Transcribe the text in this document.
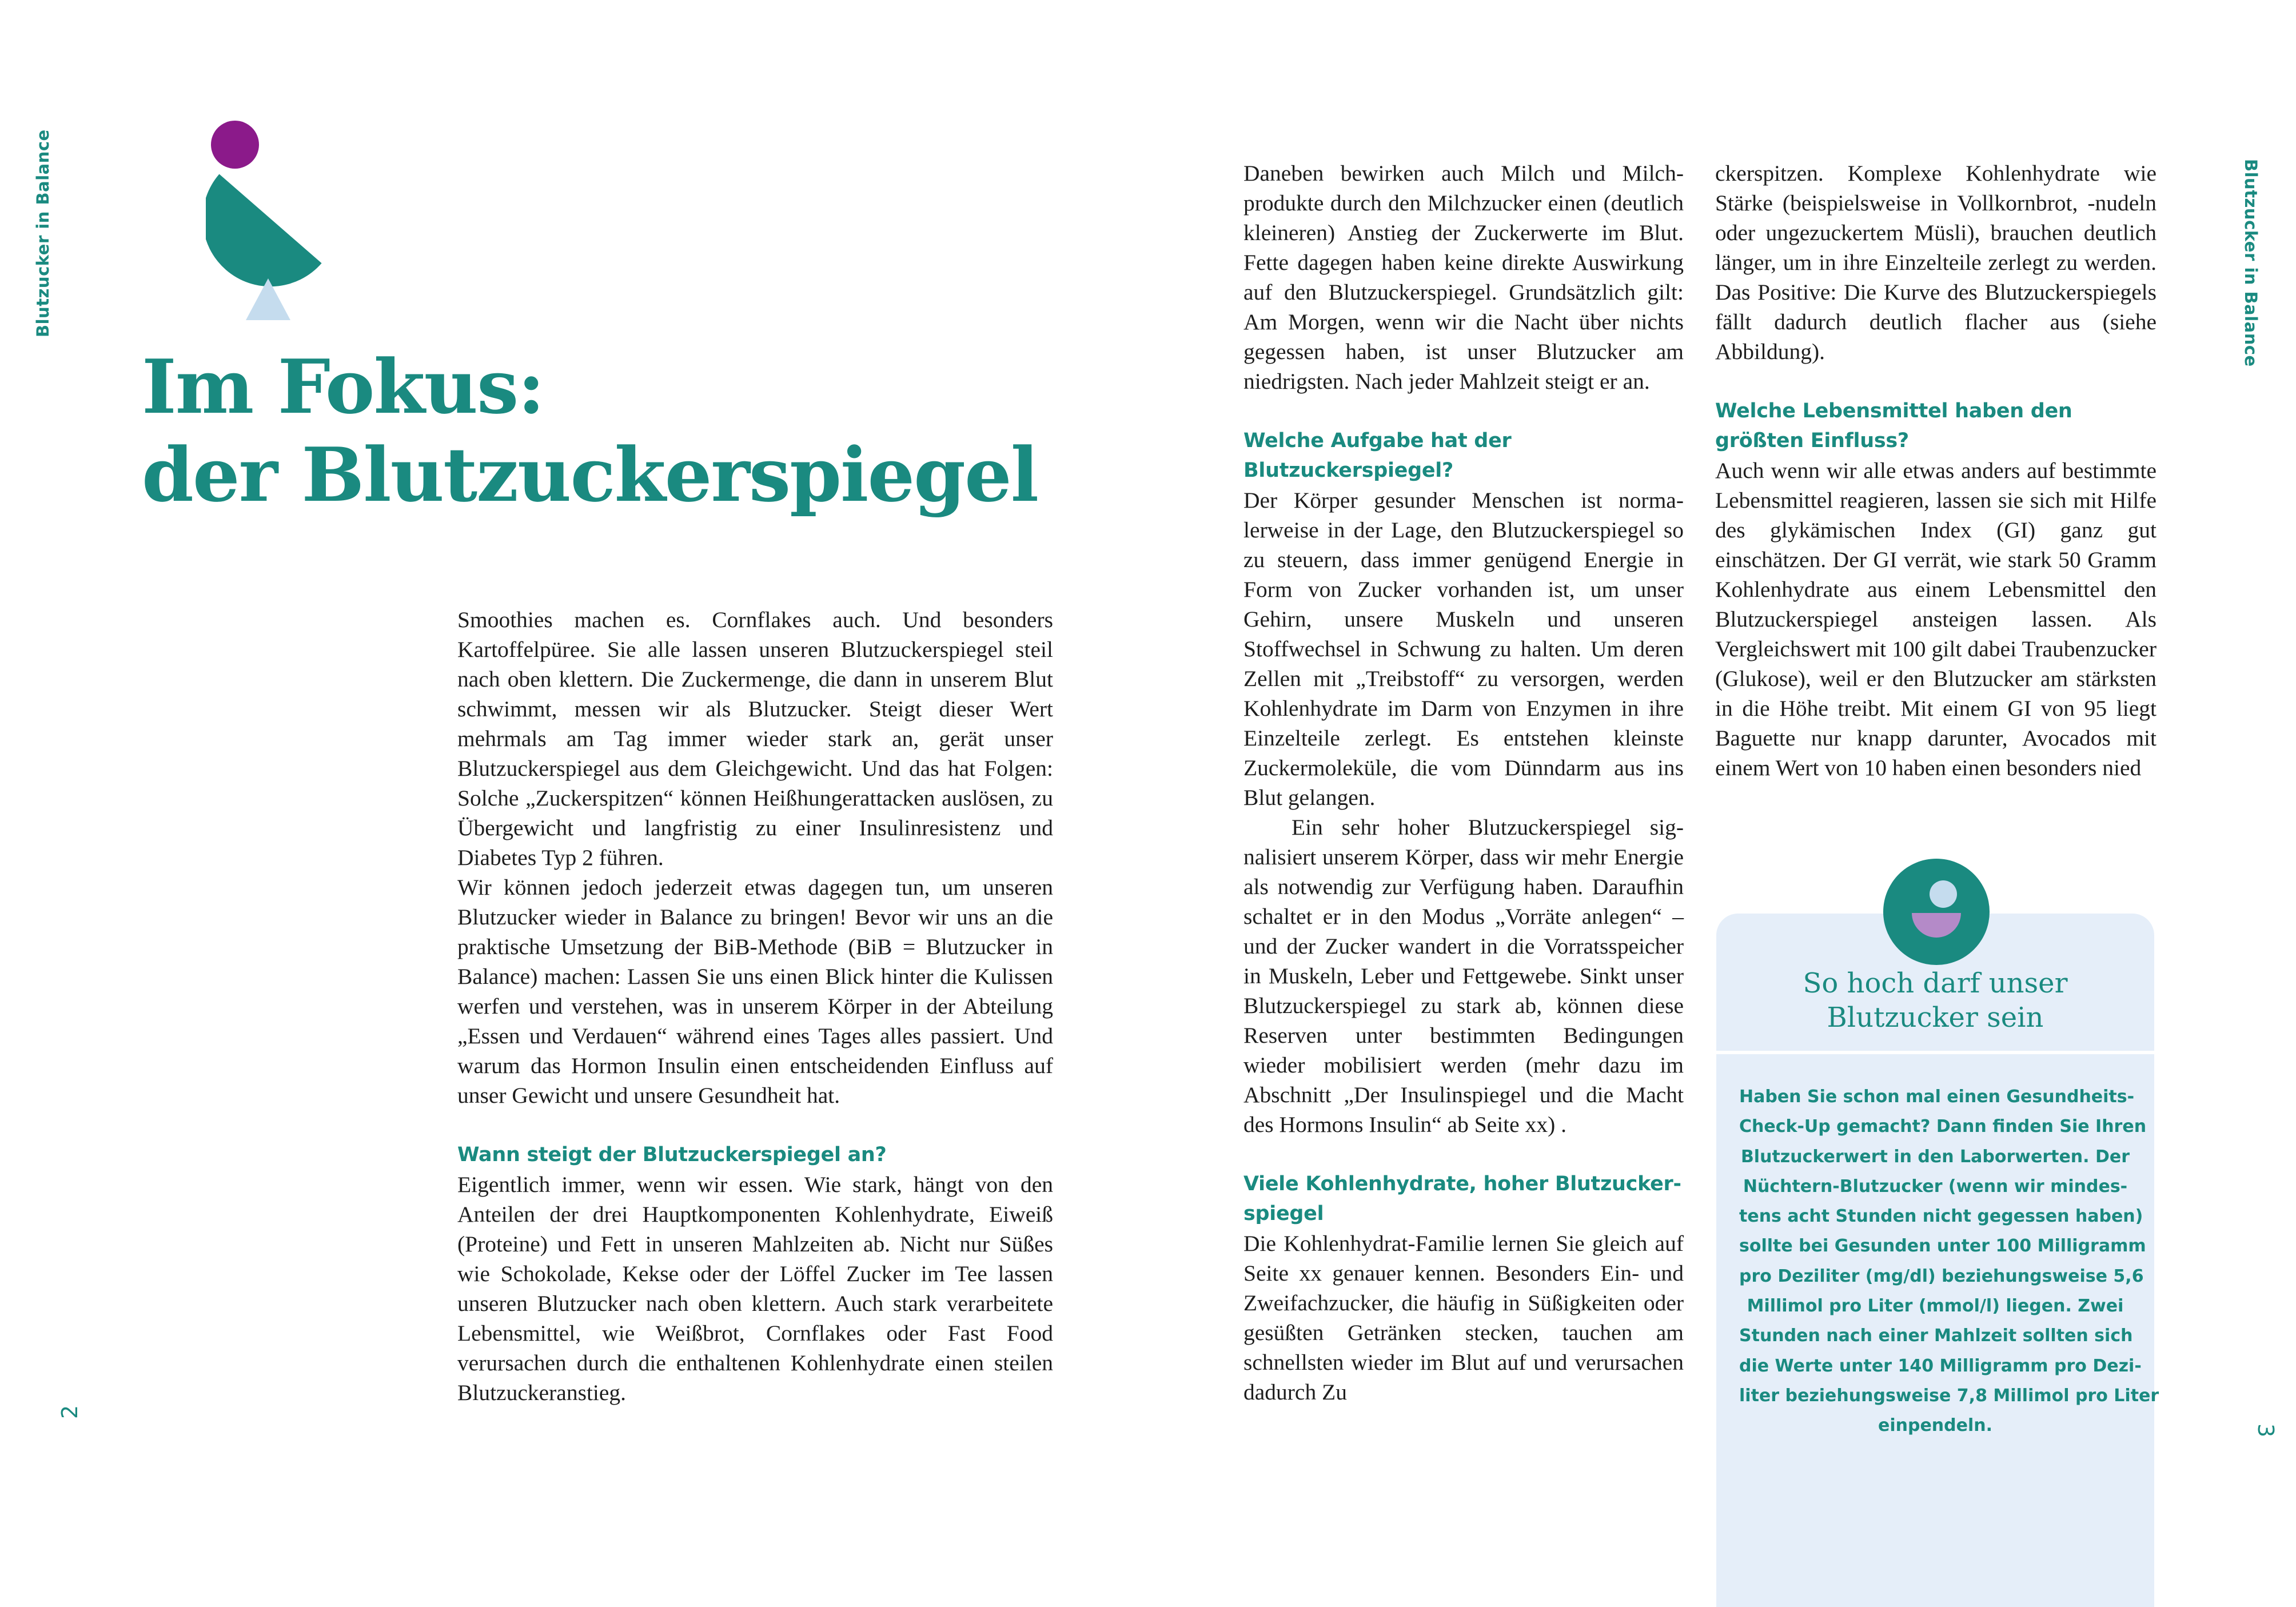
Blutzucker in Balance	Blutzucker in Balance
2
3
Im Fokus:
der Blutzuckerspiegel

Smoothies machen es. Cornflakes auch. Und besonders Kartoffelpüree. Sie alle lassen unseren Blutzuckerspiegel steil nach oben klettern. Die Zuckermenge, die dann in unserem Blut schwimmt, messen wir als Blutzucker. Steigt dieser Wert mehrmals am Tag immer wieder stark an, gerät unser Blutzuckerspiegel aus dem Gleichgewicht. Und das hat Folgen: Solche „Zuckerspitzen“ können Heißhungerattacken auslösen, zu Übergewicht und langfristig zu einer Insulinresistenz und Diabetes Typ 2 führen.

Wir können jedoch jederzeit etwas dagegen tun, um unseren Blutzucker wieder in Balance zu bringen! Bevor wir uns an die praktische Umsetzung der BiB-Methode (BiB = Blutzucker in Balance) machen: Lassen Sie uns einen Blick hinter die Kulissen werfen und verstehen, was in unserem Körper in der Abteilung „Essen und Verdauen“ während eines Tages alles passiert. Und warum das Hormon Insulin einen entscheidenden Einfluss auf unser Gewicht und unsere Gesundheit hat.

Wann steigt der Blutzuckerspiegel an?

Eigentlich immer, wenn wir essen. Wie stark, hängt von den Anteilen der drei Hauptkomponenten Kohlenhydrate, Eiweiß (Proteine) und Fett in unseren Mahlzeiten ab. Nicht nur Süßes wie Schokolade, Kekse oder der Löffel Zucker im Tee lassen unseren Blutzucker nach oben klettern. Auch stark verarbeitete Lebensmittel, wie Weißbrot, Cornflakes oder Fast Food verursachen durch die enthaltenen Kohlenhydrate einen steilen Blutzuckeranstieg.

Daneben bewirken auch Milch und Milchprodukte durch den Milchzucker einen (deutlich kleineren) Anstieg der Zuckerwerte im Blut. Fette dagegen haben keine direkte Auswirkung auf den Blutzuckerspiegel. Grundsätzlich gilt: Am Morgen, wenn wir die Nacht über nichts gegessen haben, ist unser Blutzucker am niedrigsten. Nach jeder Mahlzeit steigt er an.

Welche Aufgabe hat der Blutzuckerspiegel?

Der Körper gesunder Menschen ist normalerweise in der Lage, den Blutzuckerspiegel so zu steuern, dass immer genügend Energie in Form von Zucker vorhanden ist, um unser Gehirn, unsere Muskeln und unseren Stoffwechsel in Schwung zu halten. Um deren Zellen mit „Treibstoff“ zu versorgen, werden Kohlenhydrate im Darm von Enzymen in ihre Einzelteile zerlegt. Es entstehen kleinste Zuckermoleküle, die vom Dünndarm aus ins Blut gelangen.

Ein sehr hoher Blutzuckerspiegel signalisiert unserem Körper, dass wir mehr Energie als notwendig zur Verfügung haben. Daraufhin schaltet er in den Modus „Vorräte anlegen“ – und der Zucker wandert in die Vorratsspeicher in Muskeln, Leber und Fettgewebe. Sinkt unser Blutzuckerspiegel zu stark ab, können diese Reserven unter bestimmten Bedingungen wieder mobilisiert werden (mehr dazu im Abschnitt „Der Insulinspiegel und die Macht des Hormons Insulin“ ab Seite xx) .

Viele Kohlenhydrate, hoher Blutzuckerspiegel

Die Kohlenhydrat-Familie lernen Sie gleich auf Seite xx genauer kennen. Besonders Ein- und Zweifachzucker, die häufig in Süßigkeiten oder gesüßten Getränken stecken, tauchen am schnellsten wieder im Blut auf und verursachen dadurch Zu

ckerspitzen. Komplexe Kohlenhydrate wie Stärke (beispielsweise in Vollkornbrot, -nudeln oder ungezuckertem Müsli), brauchen deutlich länger, um in ihre Einzelteile zerlegt zu werden. Das Positive: Die Kurve des Blutzuckerspiegels fällt dadurch deutlich flacher aus (siehe Abbildung).

Welche Lebensmittel haben den größten Einfluss?

Auch wenn wir alle etwas anders auf bestimmte Lebensmittel reagieren, lassen sie sich mit Hilfe des glykämischen Index (GI) ganz gut einschätzen. Der GI verrät, wie stark 50 Gramm Kohlenhydrate aus einem Lebensmittel den Blutzuckerspiegel ansteigen lassen. Als Vergleichswert mit 100 gilt dabei Traubenzucker (Glukose), weil er den Blutzucker am stärksten in die Höhe treibt. Mit einem GI von 95 liegt Baguette nur knapp darunter, Avocados mit einem Wert von 10 haben einen besonders nied

So hoch darf unser
Blutzucker sein
Haben Sie schon mal einen Gesundheits-
Check-Up gemacht? Dann finden Sie Ihren
Blutzuckerwert in den Laborwerten. Der
Nüchtern-Blutzucker (wenn wir mindes-
tens acht Stunden nicht gegessen haben)
sollte bei Gesunden unter 100 Milligramm
pro Deziliter (mg/dl) beziehungsweise 5,6
Millimol pro Liter (mmol/l) liegen. Zwei
Stunden nach einer Mahlzeit sollten sich
die Werte unter 140 Milligramm pro Dezi-
liter beziehungsweise 7,8 Millimol pro Liter
einpendeln.
